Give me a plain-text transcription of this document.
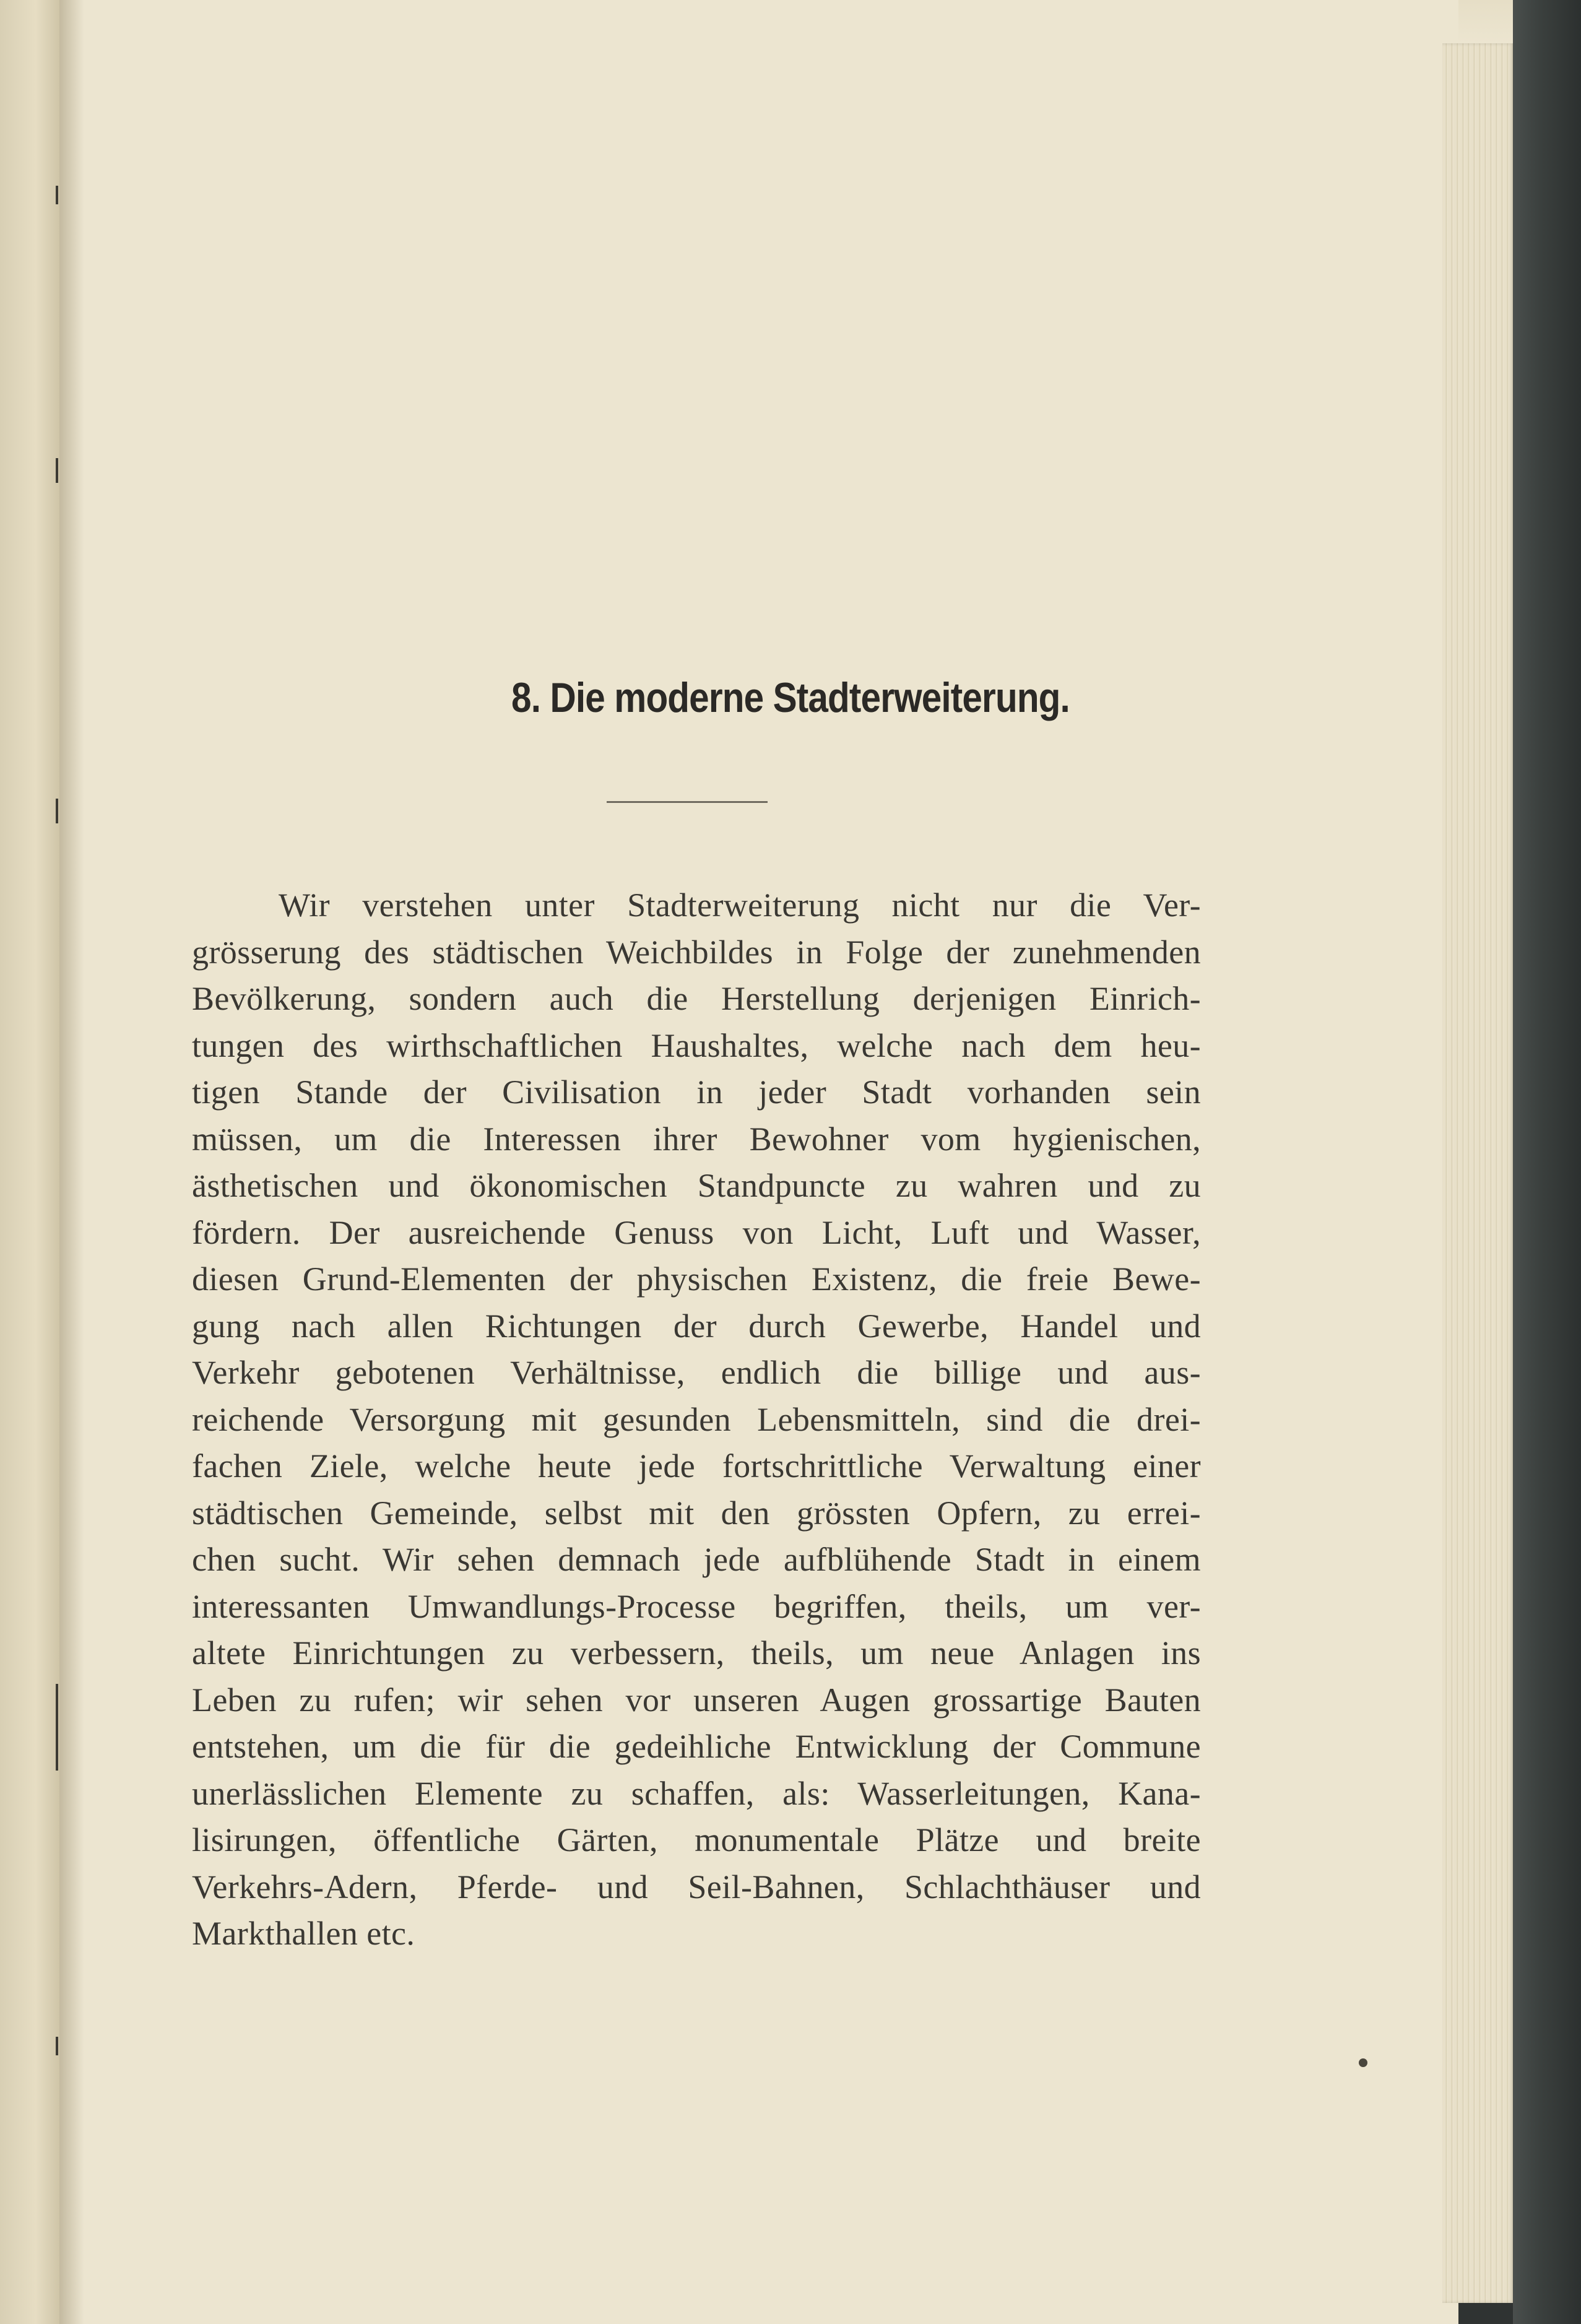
8. Die moderne Stadterweiterung.
Wir verstehen unter Stadterweiterung nicht nur die Ver-
grösserung des städtischen Weichbildes in Folge der zunehmenden
Bevölkerung, sondern auch die Herstellung derjenigen Einrich-
tungen des wirthschaftlichen Haushaltes, welche nach dem heu-
tigen Stande der Civilisation in jeder Stadt vorhanden sein
müssen, um die Interessen ihrer Bewohner vom hygienischen,
ästhetischen und ökonomischen Standpuncte zu wahren und zu
fördern. Der ausreichende Genuss von Licht, Luft und Wasser,
diesen Grund-Elementen der physischen Existenz, die freie Bewe-
gung nach allen Richtungen der durch Gewerbe, Handel und
Verkehr gebotenen Verhältnisse, endlich die billige und aus-
reichende Versorgung mit gesunden Lebensmitteln, sind die drei-
fachen Ziele, welche heute jede fortschrittliche Verwaltung einer
städtischen Gemeinde, selbst mit den grössten Opfern, zu errei-
chen sucht. Wir sehen demnach jede aufblühende Stadt in einem
interessanten Umwandlungs-Processe begriffen, theils, um ver-
altete Einrichtungen zu verbessern, theils, um neue Anlagen ins
Leben zu rufen; wir sehen vor unseren Augen grossartige Bauten
entstehen, um die für die gedeihliche Entwicklung der Commune
unerlässlichen Elemente zu schaffen, als: Wasserleitungen, Kana-
lisirungen, öffentliche Gärten, monumentale Plätze und breite
Verkehrs-Adern, Pferde- und Seil-Bahnen, Schlachthäuser und
Markthallen etc.
